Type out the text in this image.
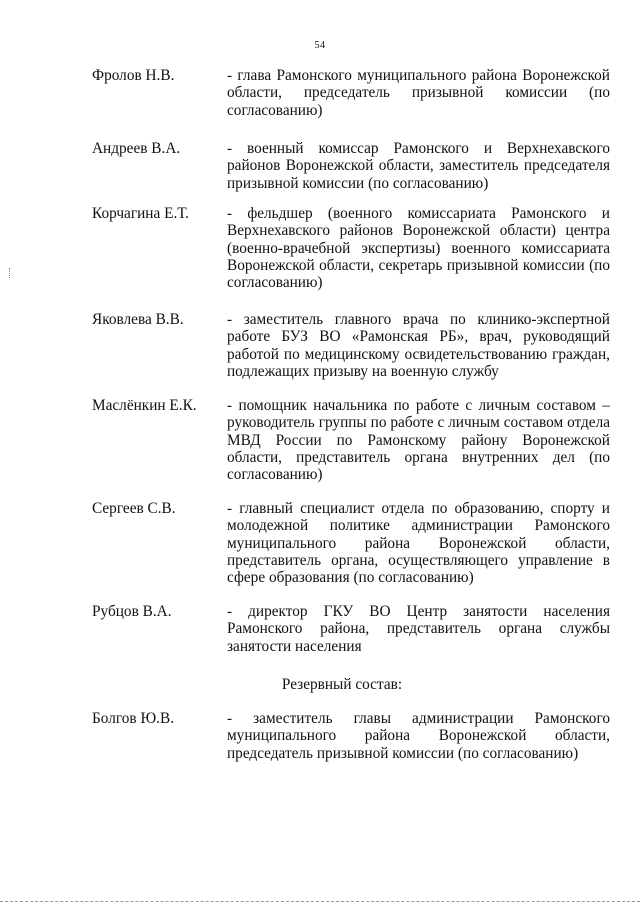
54
Фролов Н.В.	- глава Рамонского муниципального района Воронежской области, председатель призывной комиссии (по согласованию)
Андреев В.А.	- военный комиссар Рамонского и Верхнехавского районов Воронежской области, заместитель председателя призывной комиссии (по согласованию)
Корчагина Е.Т. - фельдшер (военного комиссариата Рамонского и Верхнехавского районов Воронежской области) центра (военно-врачебной экспертизы) военного комиссариата Воронежской области, секретарь призывной комиссии (по согласованию)
Яковлева В.В.	- заместитель главного врача по клинико-экспертной работе БУЗ ВО «Рамонская РБ», врач, руководящий работой по медицинскому освидетельствованию граждан, подлежащих призыву на военную службу
Маслёнкин Е.К. - помощник начальника по работе с личным составом – руководитель группы по работе с личным составом отдела МВД России по Рамонскому району Воронежской области, представитель органа внутренних дел (по согласованию)
Сергеев С.В.	- главный специалист отдела по образованию, спорту и молодежной политике администрации Рамонского муниципального района Воронежской области, представитель органа, осуществляющего управление в сфере образования (по согласованию)
Рубцов В.А.	- директор ГКУ ВО Центр занятости населения Рамонского района, представитель органа службы занятости населения
Резервный состав:
Болгов Ю.В.	- заместитель главы администрации Рамонского муниципального района Воронежской области, председатель призывной комиссии (по согласованию)
